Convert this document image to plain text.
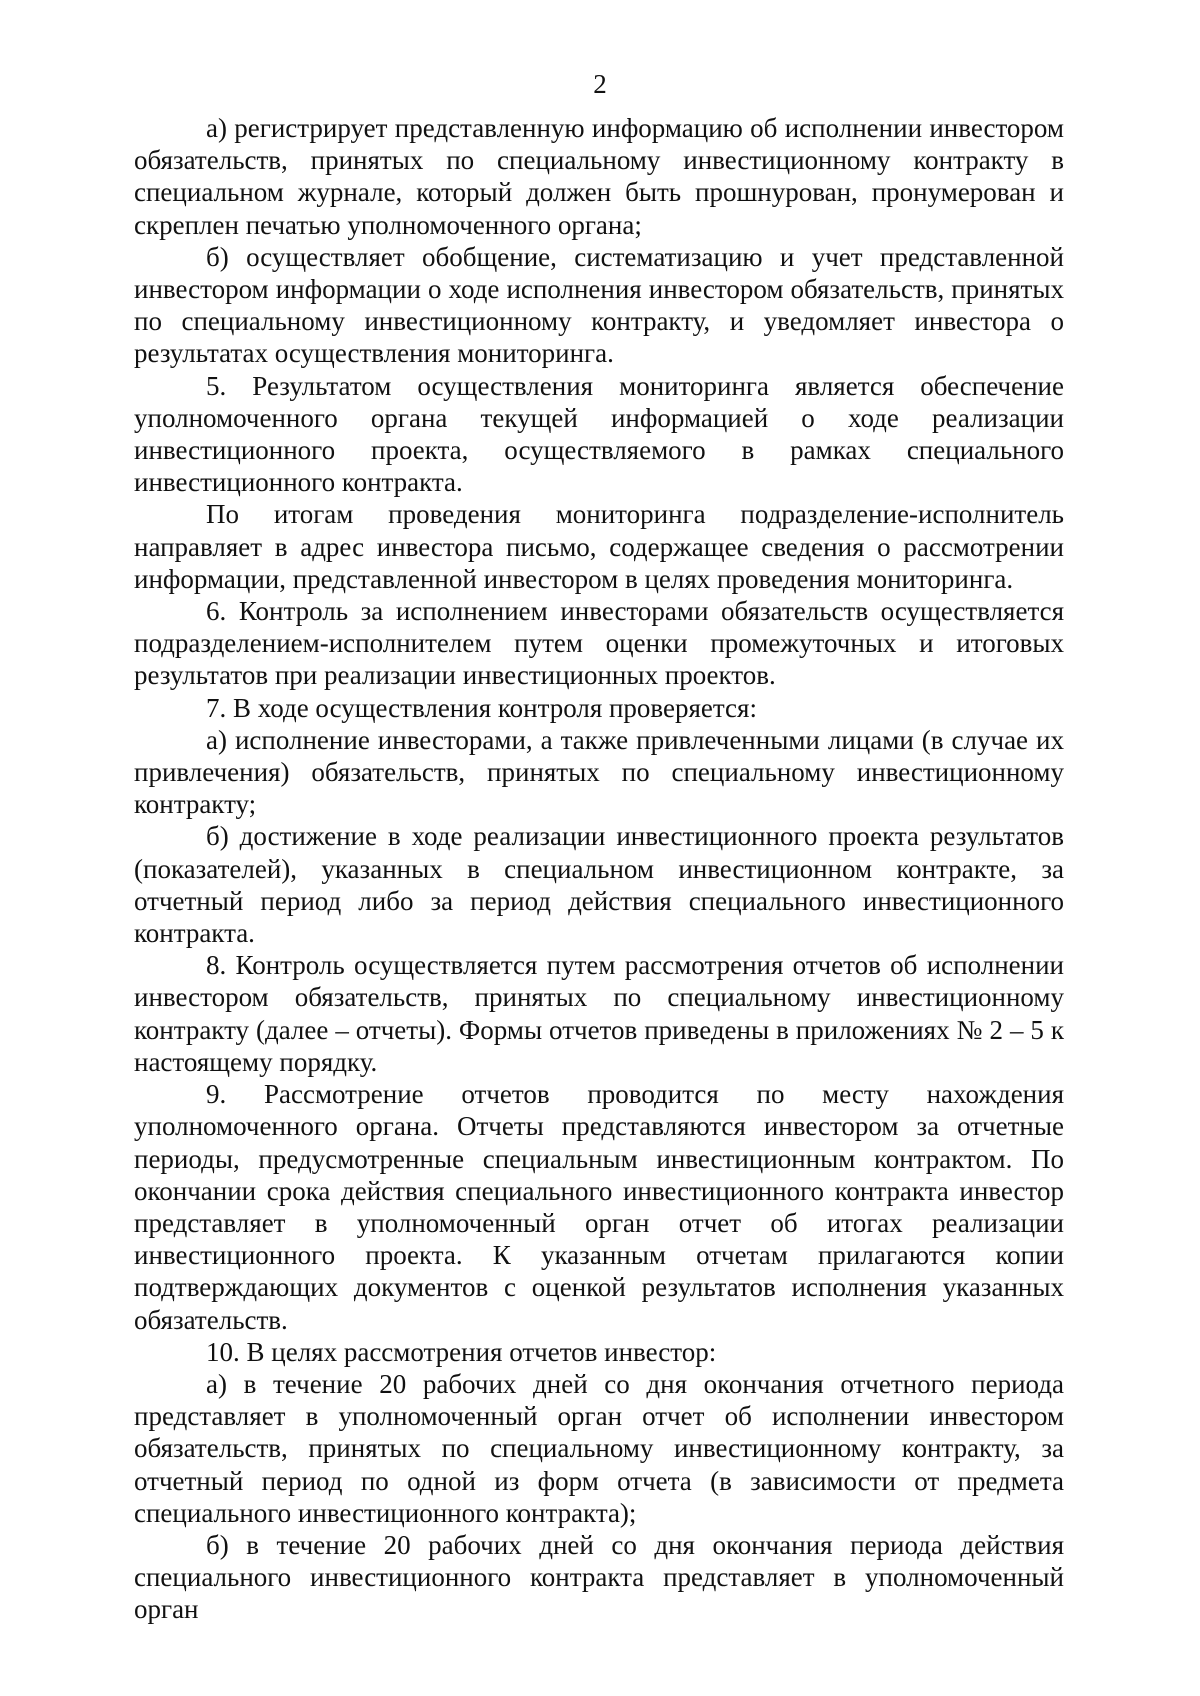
2

а) регистрирует представленную информацию об исполнении инвестором обязательств, принятых по специальному инвестиционному контракту в специальном журнале, который должен быть прошнурован, пронумерован и скреплен печатью уполномоченного органа;

б) осуществляет обобщение, систематизацию и учет представленной инвестором информации о ходе исполнения инвестором обязательств, принятых по специальному инвестиционному контракту, и уведомляет инвестора о результатах осуществления мониторинга.

5. Результатом осуществления мониторинга является обеспечение уполномоченного органа текущей информацией о ходе реализации инвестиционного проекта, осуществляемого в рамках специального инвестиционного контракта.

По итогам проведения мониторинга подразделение-исполнитель направляет в адрес инвестора письмо, содержащее сведения о рассмотрении информации, представленной инвестором в целях проведения мониторинга.

6. Контроль за исполнением инвесторами обязательств осуществляется подразделением-исполнителем путем оценки промежуточных и итоговых результатов при реализации инвестиционных проектов.

7. В ходе осуществления контроля проверяется:

а) исполнение инвесторами, а также привлеченными лицами (в случае их привлечения) обязательств, принятых по специальному инвестиционному контракту;

б) достижение в ходе реализации инвестиционного проекта результатов (показателей), указанных в специальном инвестиционном контракте, за отчетный период либо за период действия специального инвестиционного контракта.

8. Контроль осуществляется путем рассмотрения отчетов об исполнении инвестором обязательств, принятых по специальному инвестиционному контракту (далее – отчеты). Формы отчетов приведены в приложениях № 2 – 5 к настоящему порядку.

9. Рассмотрение отчетов проводится по месту нахождения уполномоченного органа. Отчеты представляются инвестором за отчетные периоды, предусмотренные специальным инвестиционным контрактом. По окончании срока действия специального инвестиционного контракта инвестор представляет в уполномоченный орган отчет об итогах реализации инвестиционного проекта. К указанным отчетам прилагаются копии подтверждающих документов с оценкой результатов исполнения указанных обязательств.

10. В целях рассмотрения отчетов инвестор:

а) в течение 20 рабочих дней со дня окончания отчетного периода представляет в уполномоченный орган отчет об исполнении инвестором обязательств, принятых по специальному инвестиционному контракту, за отчетный период по одной из форм отчета (в зависимости от предмета специального инвестиционного контракта);

б) в течение 20 рабочих дней со дня окончания периода действия специального инвестиционного контракта представляет в уполномоченный орган
